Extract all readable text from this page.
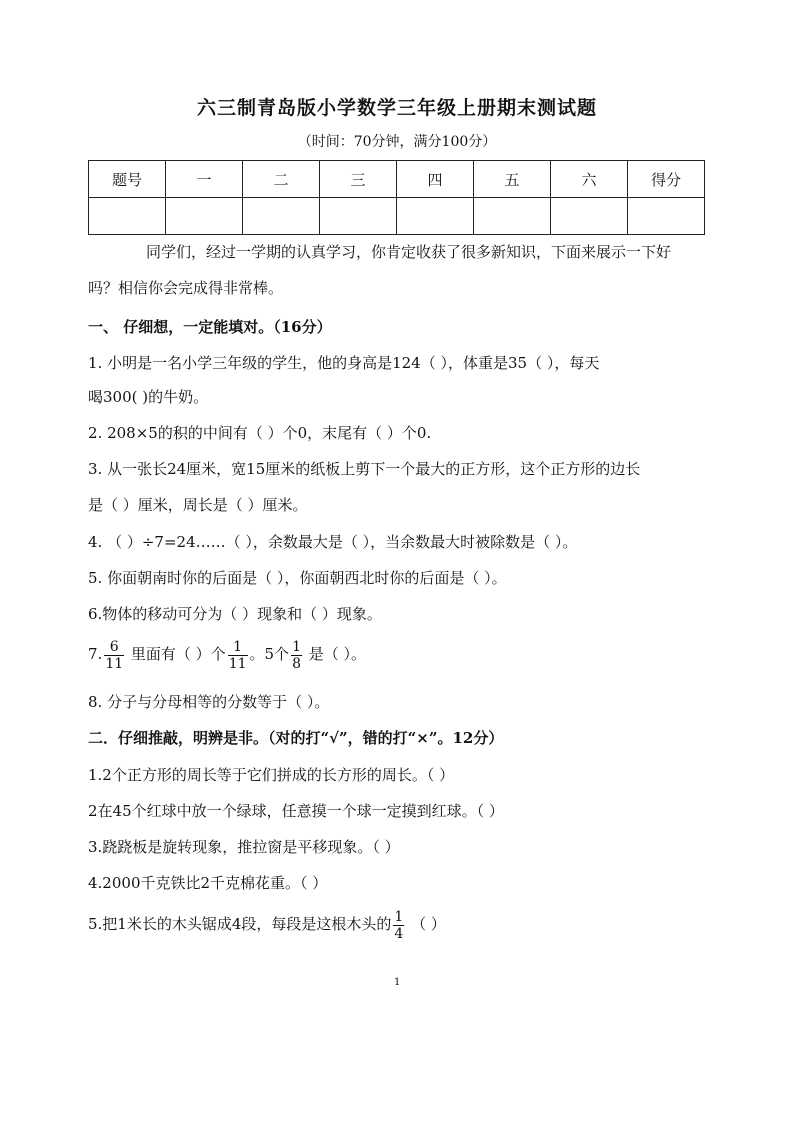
六三制青岛版小学数学三年级上册期末测试题
（时间：70分钟，满分100分）
题号	一	二	三	四	五	六	得分

同学们，经过一学期的认真学习，你肯定收获了很多新知识，下面来展示一下好
吗？相信你会完成得非常棒。
一、 仔细想，一定能填对。（16分）
1. 小明是一名小学三年级的学生，他的身高是124（ ），体重是35（ ），每天
喝300( )的牛奶。
2. 208×5的积的中间有（ ）个0，末尾有（ ）个0.
3. 从一张长24厘米，宽15厘米的纸板上剪下一个最大的正方形，这个正方形的边长
是（ ）厘米，周长是（ ）厘米。
4. （ ）÷7=24……（ ），余数最大是（ ），当余数最大时被除数是（ ）。
5. 你面朝南时你的后面是（ ），你面朝西北时你的后面是（ ）。
6.物体的移动可分为（ ）现象和（ ）现象。
7. $\frac{6}{11}$ 里面有（ ）个 $\frac{1}{11}$ 。5个 $\frac{1}{8}$ 是（ ）。
8. 分子与分母相等的分数等于（ ）。
二．仔细推敲，明辨是非。（对的打“√”，错的打“×”。12分）
1.2个正方形的周长等于它们拼成的长方形的周长。（ ）
2在45个红球中放一个绿球，任意摸一个球一定摸到红球。（ ）
3.跷跷板是旋转现象，推拉窗是平移现象。（ ）
4.2000千克铁比2千克棉花重。（ ）
5.把1米长的木头锯成4段，每段是这根木头的 $\frac{1}{4}$ （ ）
1
